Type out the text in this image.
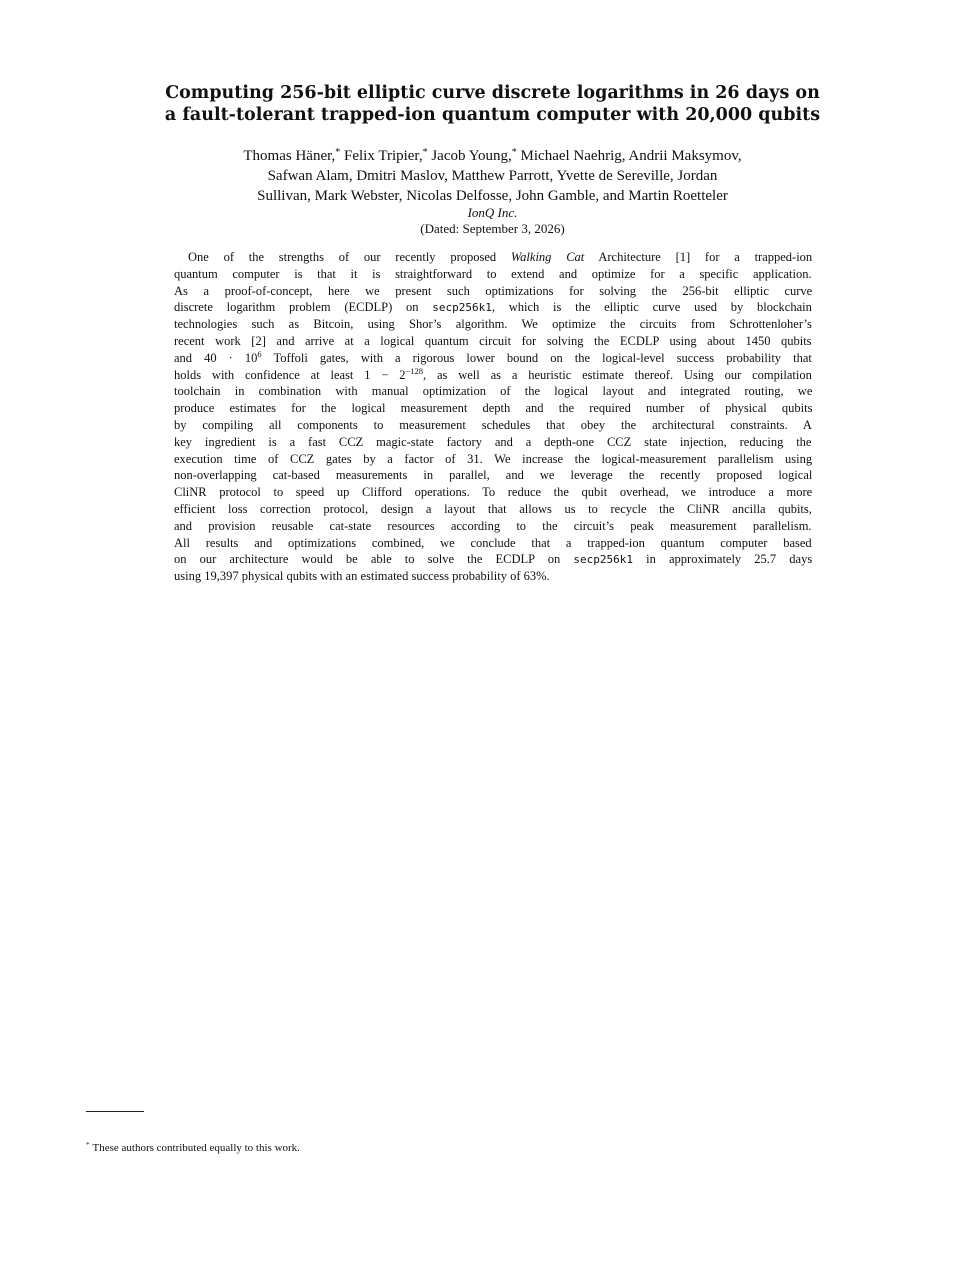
Computing 256-bit elliptic curve discrete logarithms in 26 days on
a fault-tolerant trapped-ion quantum computer with 20,000 qubits
Thomas Häner,* Felix Tripier,* Jacob Young,* Michael Naehrig, Andrii Maksymov,
Safwan Alam, Dmitri Maslov, Matthew Parrott, Yvette de Sereville, Jordan
Sullivan, Mark Webster, Nicolas Delfosse, John Gamble, and Martin Roetteler
IonQ Inc.
(Dated: September 3, 2026)
One of the strengths of our recently proposed Walking Cat Architecture [1] for a trapped-ion
quantum computer is that it is straightforward to extend and optimize for a specific application.
As a proof-of-concept, here we present such optimizations for solving the 256-bit elliptic curve
discrete logarithm problem (ECDLP) on secp256k1, which is the elliptic curve used by blockchain
technologies such as Bitcoin, using Shor’s algorithm. We optimize the circuits from Schrottenloher’s
recent work [2] and arrive at a logical quantum circuit for solving the ECDLP using about 1450 qubits
and $40 \cdot 10^6$ Toffoli gates, with a rigorous lower bound on the logical-level success probability that
holds with confidence at least $1 - 2^{-128}$, as well as a heuristic estimate thereof. Using our compilation
toolchain in combination with manual optimization of the logical layout and integrated routing, we
produce estimates for the logical measurement depth and the required number of physical qubits
by compiling all components to measurement schedules that obey the architectural constraints. A
key ingredient is a fast CCZ magic-state factory and a depth-one CCZ state injection, reducing the
execution time of CCZ gates by a factor of 31. We increase the logical-measurement parallelism using
non-overlapping cat-based measurements in parallel, and we leverage the recently proposed logical
CliNR protocol to speed up Clifford operations. To reduce the qubit overhead, we introduce a more
efficient loss correction protocol, design a layout that allows us to recycle the CliNR ancilla qubits,
and provision reusable cat-state resources according to the circuit’s peak measurement parallelism.
All results and optimizations combined, we conclude that a trapped-ion quantum computer based
on our architecture would be able to solve the ECDLP on secp256k1 in approximately 25.7 days
using 19,397 physical qubits with an estimated success probability of 63%.
* These authors contributed equally to this work.
